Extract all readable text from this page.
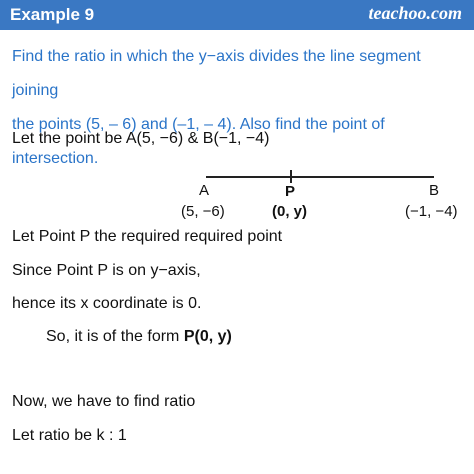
Example 9	teachoo.com
Find the ratio in which the y−axis divides the line segment joining
the points (5, – 6) and (–1, – 4). Also find the point of intersection.
Let the point be A(5, −6) & B(−1, −4)
A
(5, −6)
P
(0, y)
B
(−1, −4)
Let Point P the required required point
Since Point P is on y−axis,
hence its x coordinate is 0.
So, it is of the form P(0, y)
Now, we have to find ratio
Let ratio be k : 1
